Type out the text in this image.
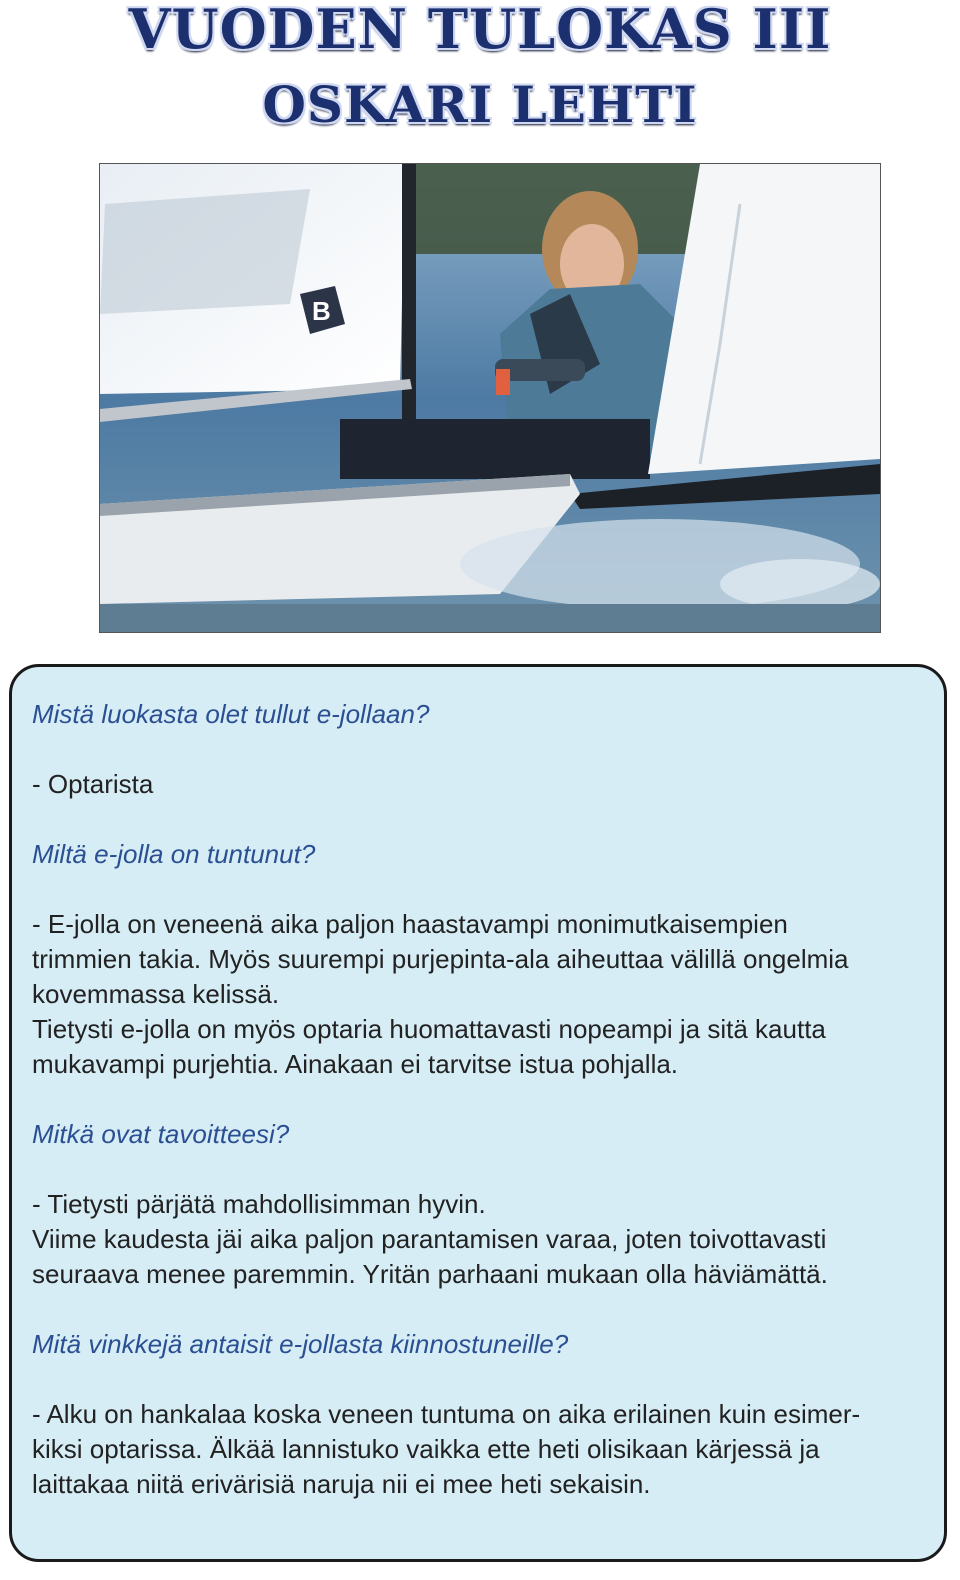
VUODEN TULOKAS III
OSKARI LEHTI
B

Mistä luokasta olet tullut e-jollaan?

- Optarista

Miltä e-jolla on tuntunut?

- E-jolla on veneenä aika paljon haastavampi monimutkaisempien

trimmien takia. Myös suurempi purjepinta-ala aiheuttaa välillä ongelmia

kovemmassa kelissä.

Tietysti e-jolla on myös optaria huomattavasti nopeampi ja sitä kautta

mukavampi purjehtia. Ainakaan ei tarvitse istua pohjalla.

Mitkä ovat tavoitteesi?

- Tietysti pärjätä mahdollisimman hyvin.

Viime kaudesta jäi aika paljon parantamisen varaa, joten toivottavasti

seuraava menee paremmin. Yritän parhaani mukaan olla häviämättä.

Mitä vinkkejä antaisit e-jollasta kiinnostuneille?

- Alku on hankalaa koska veneen tuntuma on aika erilainen kuin esimer-

kiksi optarissa. Älkää lannistuko vaikka ette heti olisikaan kärjessä ja

laittakaa niitä erivärisiä naruja nii ei mee heti sekaisin.
